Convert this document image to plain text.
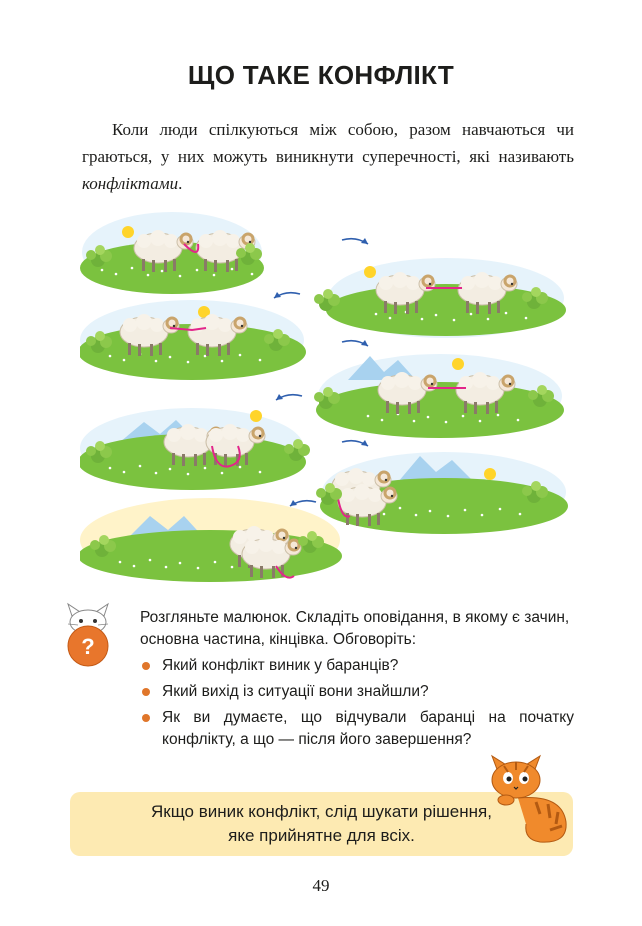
ЩО ТАКЕ КОНФЛІКТ

Коли люди спілкуються між собою, разом навчаються чи граються, у них можуть виникнути суперечності, які називають конфліктами.

?

Розгляньте малюнок. Складіть оповідання, в якому є зачин, основна частина, кінцівка. Обговоріть:

Який конфлікт виник у баранців?
Який вихід із ситуації вони знайшли?
Як ви думаєте, що відчували баранці на початку конфлікту, а що — після його завершення?
Якщо виник конфлікт, слід шукати рішення,
яке прийнятне для всіх.
49
